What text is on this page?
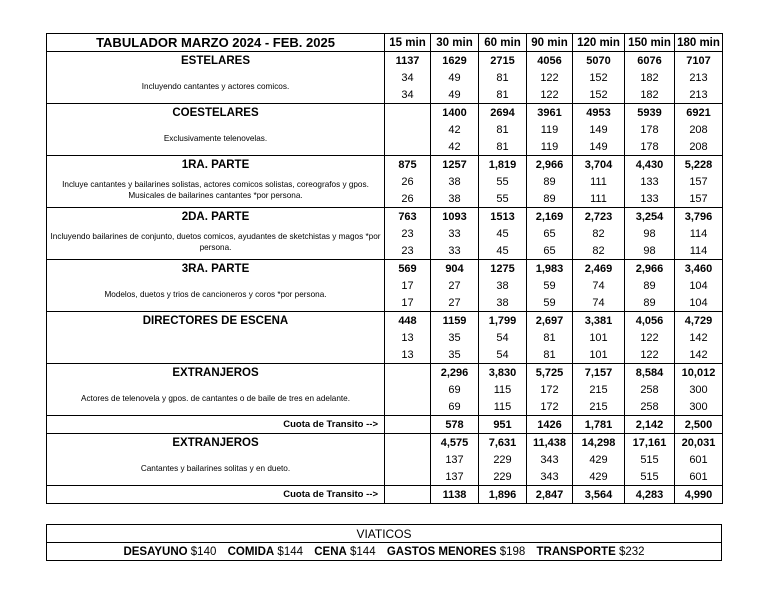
TABULADOR MARZO 2024 - FEB. 2025	15 min	30 min	60 min	90 min	120 min	150 min	180 min
ESTELARES	1137	1629	2715	4056	5070	6076	7107
Incluyendo cantantes y actores comicos.	34	49	81	122	152	182	213
	34	49	81	122	152	182	213
COESTELARES		1400	2694	3961	4953	5939	6921
Exclusivamente telenovelas.		42	81	119	149	178	208
		42	81	119	149	178	208
1RA. PARTE	875	1257	1,819	2,966	3,704	4,430	5,228
Incluye cantantes y bailarines solistas, actores comicos solistas, coreografos y gpos. Musicales de bailarines cantantes *por persona.	26	38	55	89	111	133	157
	26	38	55	89	111	133	157
2DA. PARTE	763	1093	1513	2,169	2,723	3,254	3,796
Incluyendo bailarines de conjunto, duetos comicos, ayudantes de sketchistas y magos *por persona.	23	33	45	65	82	98	114
	23	33	45	65	82	98	114
3RA. PARTE	569	904	1275	1,983	2,469	2,966	3,460
Modelos, duetos y trios de cancioneros y coros *por persona.	17	27	38	59	74	89	104
	17	27	38	59	74	89	104
DIRECTORES DE ESCENA	448	1159	1,799	2,697	3,381	4,056	4,729
	13	35	54	81	101	122	142
	13	35	54	81	101	122	142
EXTRANJEROS		2,296	3,830	5,725	7,157	8,584	10,012
Actores de telenovela y gpos. de cantantes o de baile de tres en adelante.		69	115	172	215	258	300
		69	115	172	215	258	300
Cuota de Transito -->		578	951	1426	1,781	2,142	2,500
EXTRANJEROS		4,575	7,631	11,438	14,298	17,161	20,031
Cantantes y bailarines solitas y en dueto.		137	229	343	429	515	601
		137	229	343	429	515	601
Cuota de Transito -->		1138	1,896	2,847	3,564	4,283	4,990
VIATICOS
DESAYUNO $140 COMIDA $144 CENA $144 GASTOS MENORES $198 TRANSPORTE $232
